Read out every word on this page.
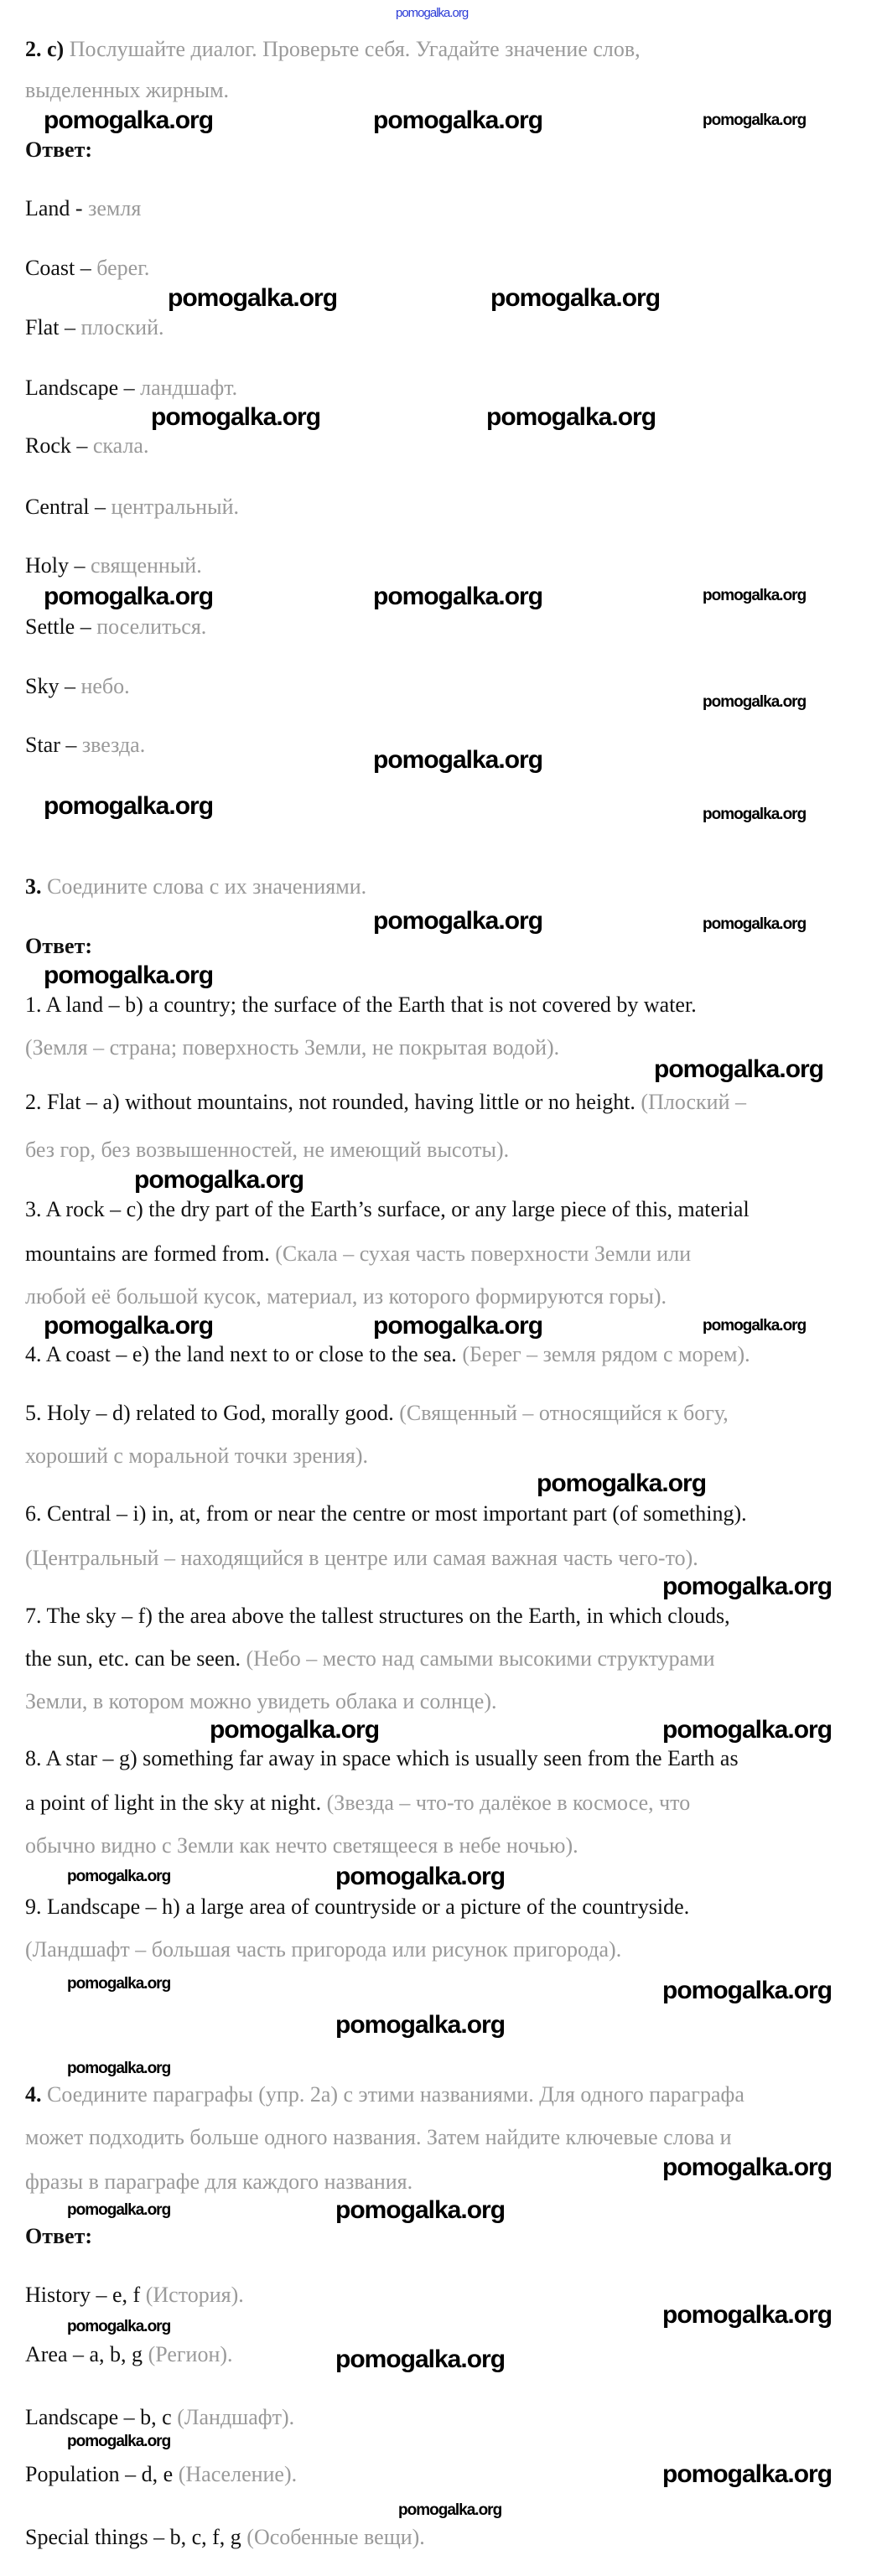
2. c) Послушайте диалог. Проверьте себя. Угадайте значение слов,
выделенных жирным.
Ответ:
Land - земля
Coast – берег.
Flat – плоский.
Landscape – ландшафт.
Rock – скала.
Central – центральный.
Holy – священный.
Settle – поселиться.
Sky – небо.
Star – звезда.
3. Соедините слова с их значениями.
Ответ:
1. A land – b) a country; the surface of the Earth that is not covered by water.
(Земля – страна; поверхность Земли, не покрытая водой).
2. Flat – a) without mountains, not rounded, having little or no height. (Плоский –
без гор, без возвышенностей, не имеющий высоты).
3. A rock – c) the dry part of the Earth’s surface, or any large piece of this, material
mountains are formed from. (Скала – сухая часть поверхности Земли или
любой её большой кусок, материал, из которого формируются горы).
4. A coast – e) the land next to or close to the sea. (Берег – земля рядом с морем).
5. Holy – d) related to God, morally good. (Священный – относящийся к богу,
хороший с моральной точки зрения).
6. Central – i) in, at, from or near the centre or most important part (of something).
(Центральный – находящийся в центре или самая важная часть чего-то).
7. The sky – f) the area above the tallest structures on the Earth, in which clouds,
the sun, etc. can be seen. (Небо – место над самыми высокими структурами
Земли, в котором можно увидеть облака и солнце).
8. A star – g) something far away in space which is usually seen from the Earth as
a point of light in the sky at night. (Звезда – что-то далёкое в космосе, что
обычно видно с Земли как нечто светящееся в небе ночью).
9. Landscape – h) a large area of countryside or a picture of the countryside.
(Ландшафт – большая часть пригорода или рисунок пригорода).
4. Соедините параграфы (упр. 2а) с этими названиями. Для одного параграфа
может подходить больше одного названия. Затем найдите ключевые слова и
фразы в параграфе для каждого названия.
Ответ:
History – e, f (История).
Area – a, b, g (Регион).
Landscape – b, c (Ландшафт).
Population – d, e (Население).
Special things – b, c, f, g (Особенные вещи).
pomogalka.org
pomogalka.org	pomogalka.org	pomogalka.org
pomogalka.org	pomogalka.org
pomogalka.org	pomogalka.org
pomogalka.org	pomogalka.org	pomogalka.org
pomogalka.org
pomogalka.org
pomogalka.org	pomogalka.org
pomogalka.org	pomogalka.org
pomogalka.org
pomogalka.org
pomogalka.org
pomogalka.org
pomogalka.org	pomogalka.org
pomogalka.org
pomogalka.org
pomogalka.org	pomogalka.org
pomogalka.org	pomogalka.org
pomogalka.org	pomogalka.org
pomogalka.org
pomogalka.org
pomogalka.org
pomogalka.org
pomogalka.org
pomogalka.org
pomogalka.org
pomogalka.org
pomogalka.org
pomogalka.org
pomogalka.org
